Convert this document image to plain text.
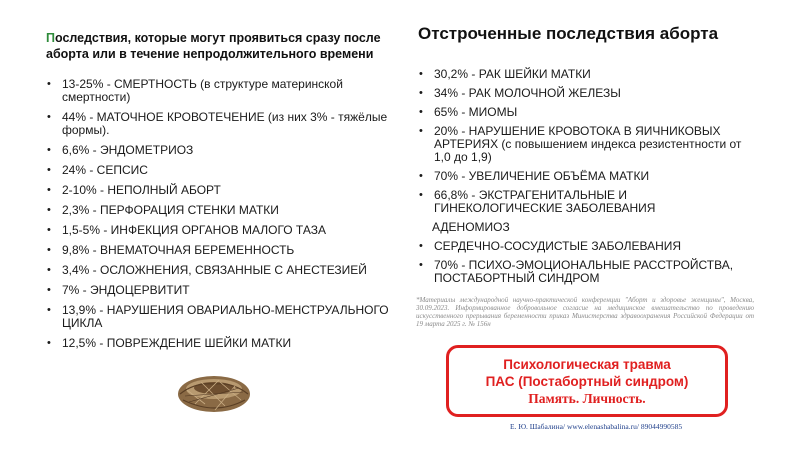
Последствия, которые могут проявиться сразу после аборта или в течение непродолжительного времени
• 13-25% - СМЕРТНОСТЬ (в структуре материнской смертности)
• 44% - МАТОЧНОЕ КРОВОТЕЧЕНИЕ (из них 3% - тяжёлые формы).
• 6,6% - ЭНДОМЕТРИОЗ
• 24% - СЕПСИС
• 2-10% - НЕПОЛНЫЙ АБОРТ
• 2,3% - ПЕРФОРАЦИЯ СТЕНКИ МАТКИ
• 1,5-5% - ИНФЕКЦИЯ ОРГАНОВ МАЛОГО ТАЗА
• 9,8% - ВНЕМАТОЧНАЯ БЕРЕМЕННОСТЬ
• 3,4% - ОСЛОЖНЕНИЯ, СВЯЗАННЫЕ С АНЕСТЕЗИЕЙ
• 7% - ЭНДОЦЕРВИТИТ
• 13,9% - НАРУШЕНИЯ ОВАРИАЛЬНО-МЕНСТРУАЛЬНОГО ЦИКЛА
• 12,5% - ПОВРЕЖДЕНИЕ ШЕЙКИ МАТКИ
Отстроченные последствия аборта
• 30,2% - РАК ШЕЙКИ МАТКИ
• 34% - РАК МОЛОЧНОЙ ЖЕЛЕЗЫ
• 65% - МИОМЫ
• 20% - НАРУШЕНИЕ КРОВОТОКА В ЯИЧНИКОВЫХ АРТЕРИЯХ (с повышением индекса резистентности от 1,0 до 1,9)
• 70% - УВЕЛИЧЕНИЕ ОБЪЁМА МАТКИ
• 66,8% - ЭКСТРАГЕНИТАЛЬНЫЕ И ГИНЕКОЛОГИЧЕСКИЕ ЗАБОЛЕВАНИЯ
АДЕНОМИОЗ
• СЕРДЕЧНО-СОСУДИСТЫЕ ЗАБОЛЕВАНИЯ
• 70% - ПСИХО-ЭМОЦИОНАЛЬНЫЕ РАССТРОЙСТВА, ПОСТАБОРТНЫЙ СИНДРОМ
*Материалы международной научно-практической конференции "Аборт и здоровье женщины", Москва, 30.09.2023. Информированное добровольное согласие на медицинское вмешательство по проведению искусственного прерывания беременности приказ Министерства здравоохранения Российской Федерации от 19 марта 2025 г. № 156н
Психологическая травма
ПАС (Постабортный синдром)
Память. Личность.
Е. Ю. Шабалина/ www.elenashabalina.ru/ 89044990585
